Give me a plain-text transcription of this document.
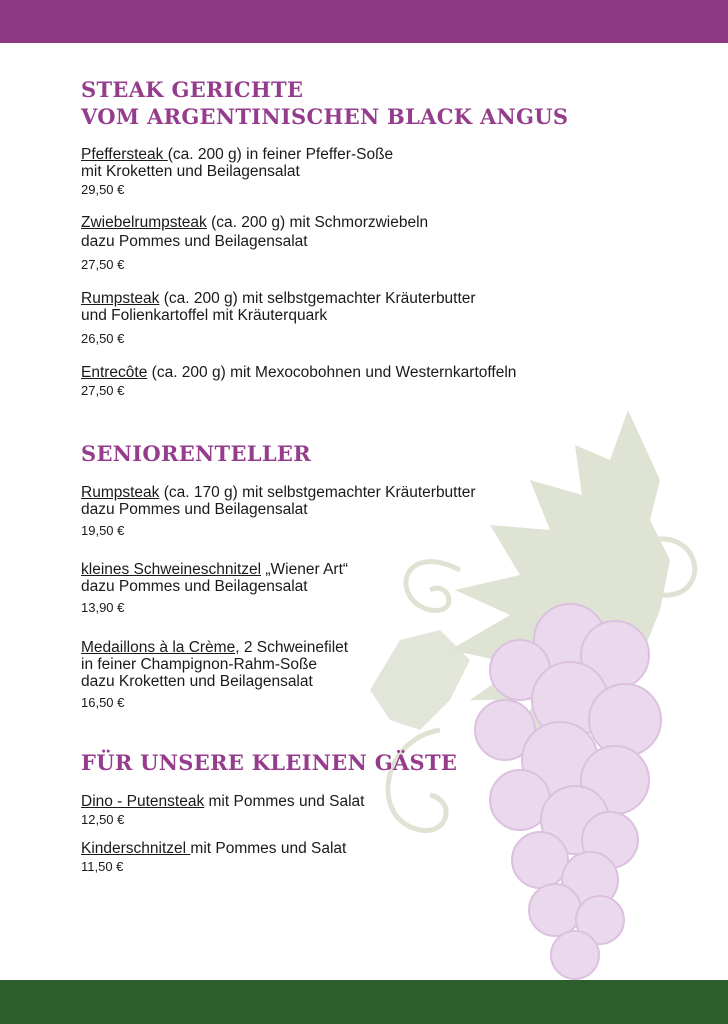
STEAK GERICHTE
VOM ARGENTINISCHEN BLACK ANGUS
Pfeffersteak (ca. 200 g) in feiner Pfeffer-Soße
mit Kroketten und Beilagensalat
29,50 €
Zwiebelrumpsteak (ca. 200 g) mit Schmorzwiebeln
dazu Pommes und Beilagensalat
27,50 €
Rumpsteak (ca. 200 g) mit selbstgemachter Kräuterbutter
und Folienkartoffel mit Kräuterquark
26,50 €
Entrecôte (ca. 200 g) mit Mexocobohnen und Westernkartoffeln
27,50 €
SENIORENTELLER
Rumpsteak (ca. 170 g) mit selbstgemachter Kräuterbutter
dazu Pommes und Beilagensalat
19,50 €
kleines Schweineschnitzel „Wiener Art“
dazu Pommes und Beilagensalat
13,90 €
Medaillons à la Crème, 2 Schweinefilet
in feiner Champignon-Rahm-Soße
dazu Kroketten und Beilagensalat
16,50 €
FÜR UNSERE KLEINEN GÄSTE
Dino - Putensteak mit Pommes und Salat
12,50 €
Kinderschnitzel mit Pommes und Salat
11,50 €
